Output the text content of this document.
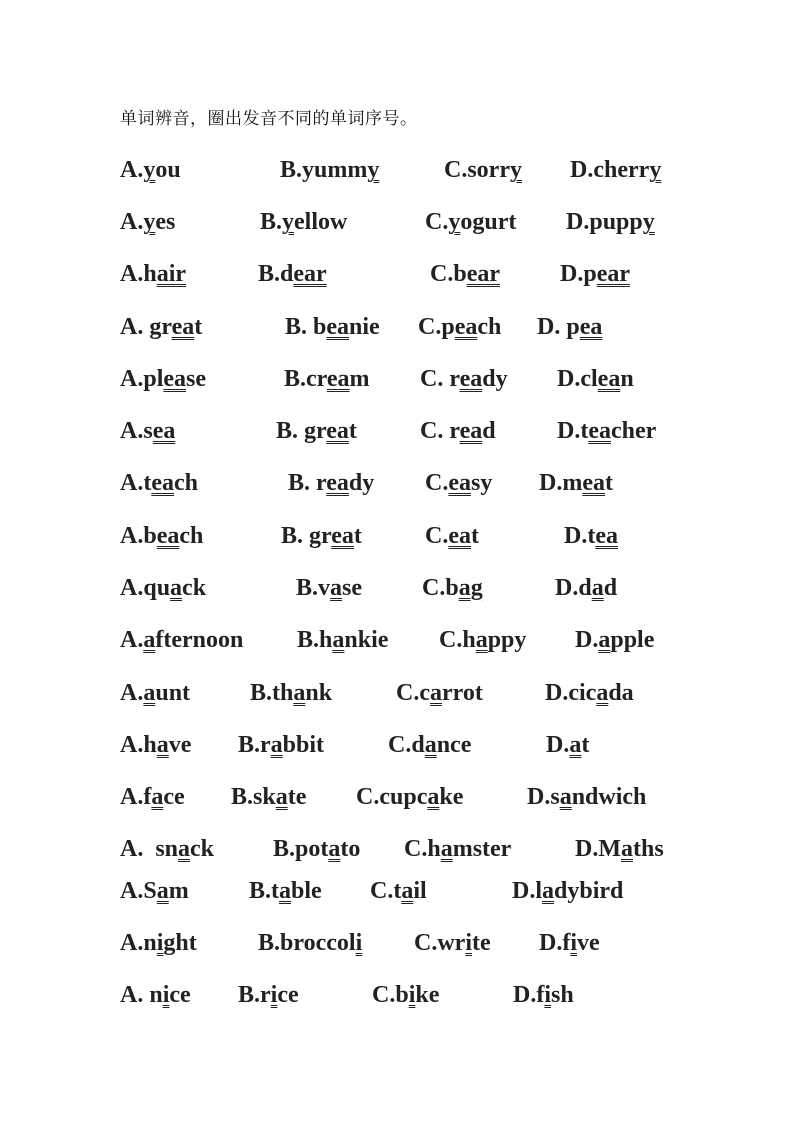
单词辨音，圈出发音不同的单词序号。
A.you	B.yummy	C.sorry D.cherry
A.yes	B.yellow	C.yogurt D.puppy
A.hair	B.dear	C.bear D.pear
A. great	B. beanie C.peach D. pea
A.please	B.cream C. ready D.clean
A.sea	B. great	C. read	D.teacher
A.teach	B. ready C.easy D.meat
A.beach	B. great	C.eat	D.tea
A.quack	B.vase C.bag	D.dad
A.afternoon B.hankie C.happy D.apple
A.aunt B.thank	C.carrot	D.cicada
A.have B.rabbit	C.dance	D.at
A.face B.skate C.cupcake	D.sandwich
A.  snack B.potato C.hamster	D.Maths
A.Sam	B.table C.tail	D.ladybird
A.night	B.broccoli C.write D.five
A. nice B.rice	C.bike	D.fish
